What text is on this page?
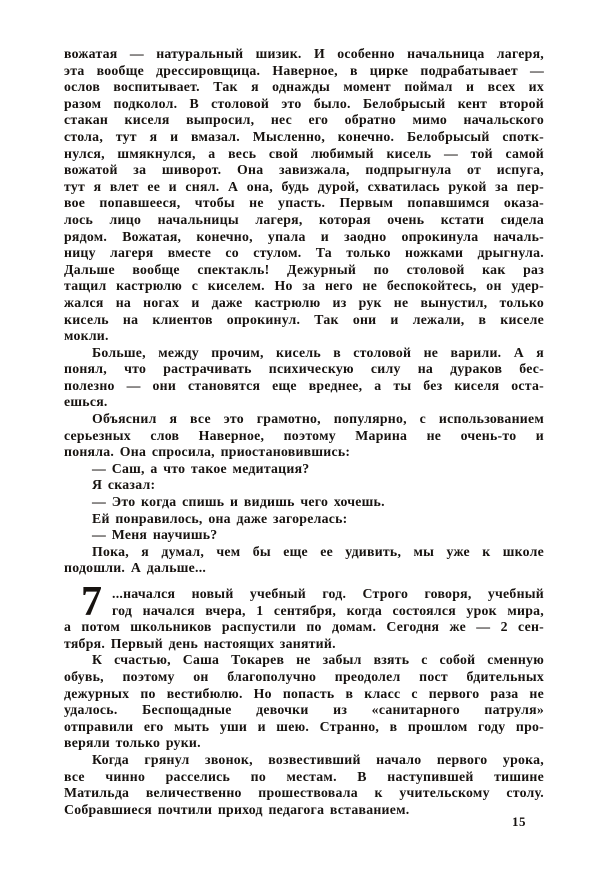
вожатая — натуральный шизик. И особенно начальница лагеря,
эта вообще дрессировщица. Наверное, в цирке подрабатывает —
ослов воспитывает. Так я однажды момент поймал и всех их
разом подколол. В столовой это было. Белобрысый кент второй
стакан киселя выпросил, нес его обратно мимо начальского
стола, тут я и вмазал. Мысленно, конечно. Белобрысый спотк-
нулся, шмякнулся, а весь свой любимый кисель — той самой
вожатой за шиворот. Она завизжала, подпрыгнула от испуга,
тут я влет ее и снял. А она, будь дурой, схватилась рукой за пер-
вое попавшееся, чтобы не упасть. Первым попавшимся оказа-
лось лицо начальницы лагеря, которая очень кстати сидела
рядом. Вожатая, конечно, упала и заодно опрокинула началь-
ницу лагеря вместе со стулом. Та только ножками дрыгнула.
Дальше вообще спектакль! Дежурный по столовой как раз
тащил кастрюлю с киселем. Но за него не беспокойтесь, он удер-
жался на ногах и даже кастрюлю из рук не вынустил, только
кисель на клиентов опрокинул. Так они и лежали, в киселе
мокли.
Больше, между прочим, кисель в столовой не варили. А я
понял, что растрачивать психическую силу на дураков бес-
полезно — они становятся еще вреднее, а ты без киселя оста-
ешься.
Объяснил я все это грамотно, популярно, с использованием
серьезных слов Наверное, поэтому Марина не очень-то и
поняла. Она спросила, приостановившись:
— Саш, а что такое медитация?
Я сказал:
— Это когда спишь и видишь чего хочешь.
Ей понравилось, она даже загорелась:
— Меня научишь?
Пока, я думал, чем бы еще ее удивить, мы уже к школе
подошли. А дальше...
7 ...начался новый учебный год. Строго говоря, учебный
год начался вчера, 1 сентября, когда состоялся урок мира,
а потом школьников распустили по домам. Сегодня же — 2 сен-
тября. Первый день настоящих занятий.
К счастью, Саша Токарев не забыл взять с собой сменную
обувь, поэтому он благополучно преодолел пост бдительных
дежурных по вестибюлю. Но попасть в класс с первого раза не
удалось. Беспощадные девочки из «санитарного патруля»
отправили его мыть уши и шею. Странно, в прошлом году про-
веряли только руки.
Когда грянул звонок, возвестивший начало первого урока,
все чинно расселись по местам. В наступившей тишине
Матильда величественно прошествовала к учительскому столу.
Собравшиеся почтили приход педагога вставанием.
15
